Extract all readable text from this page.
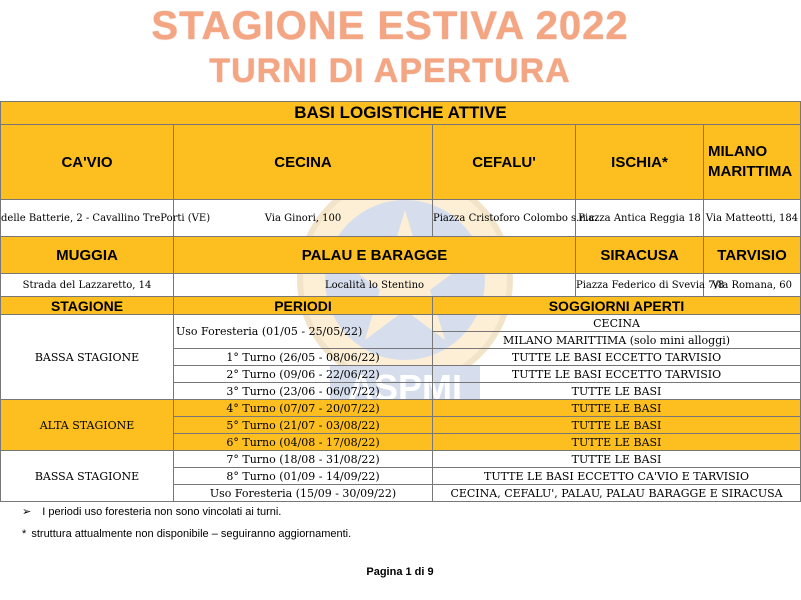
STAGIONE ESTIVA 2022
TURNI DI APERTURA
ASPMI
BASI LOGISTICHE ATTIVE				
CA'VIO	CECINA	CEFALU'	ISCHIA*	MILANO MARITTIMA
delle Batterie, 2 - Cavallino TrePorti (VE)	Via Ginori, 100	Piazza Cristoforo Colombo s.n.c.	Piazza Antica Reggia 18	Via Matteotti, 184
MUGGIA	PALAU E BARAGGE		SIRACUSA	TARVISIO
Strada del Lazzaretto, 14	Località lo Stentino		Piazza Federico di Svevia 7/8	Via Romana, 60
STAGIONE	PERIODI	SOGGIORNI APERTI		
BASSA STAGIONE	Uso Foresteria (01/05 - 25/05/22)	CECINA		
		MILANO MARITTIMA (solo mini alloggi)		
	1° Turno (26/05 - 08/06/22)	TUTTE LE BASI ECCETTO TARVISIO		
	2° Turno (09/06 - 22/06/22)	TUTTE LE BASI ECCETTO TARVISIO		
	3° Turno (23/06 - 06/07/22)	TUTTE LE BASI		
ALTA STAGIONE	4° Turno (07/07 - 20/07/22)	TUTTE LE BASI		
	5° Turno (21/07 - 03/08/22)	TUTTE LE BASI		
	6° Turno (04/08 - 17/08/22)	TUTTE LE BASI		
BASSA STAGIONE	7° Turno (18/08 - 31/08/22)	TUTTE LE BASI		
	8° Turno (01/09 - 14/09/22)	TUTTE LE BASI ECCETTO CA'VIO E TARVISIO		
	Uso Foresteria (15/09 - 30/09/22)	CECINA, CEFALU', PALAU, PALAU BARAGGE E SIRACUSA		
➢ I periodi uso foresteria non sono vincolati ai turni.
* struttura attualmente non disponibile – seguiranno aggiornamenti.
Pagina 1 di 9
